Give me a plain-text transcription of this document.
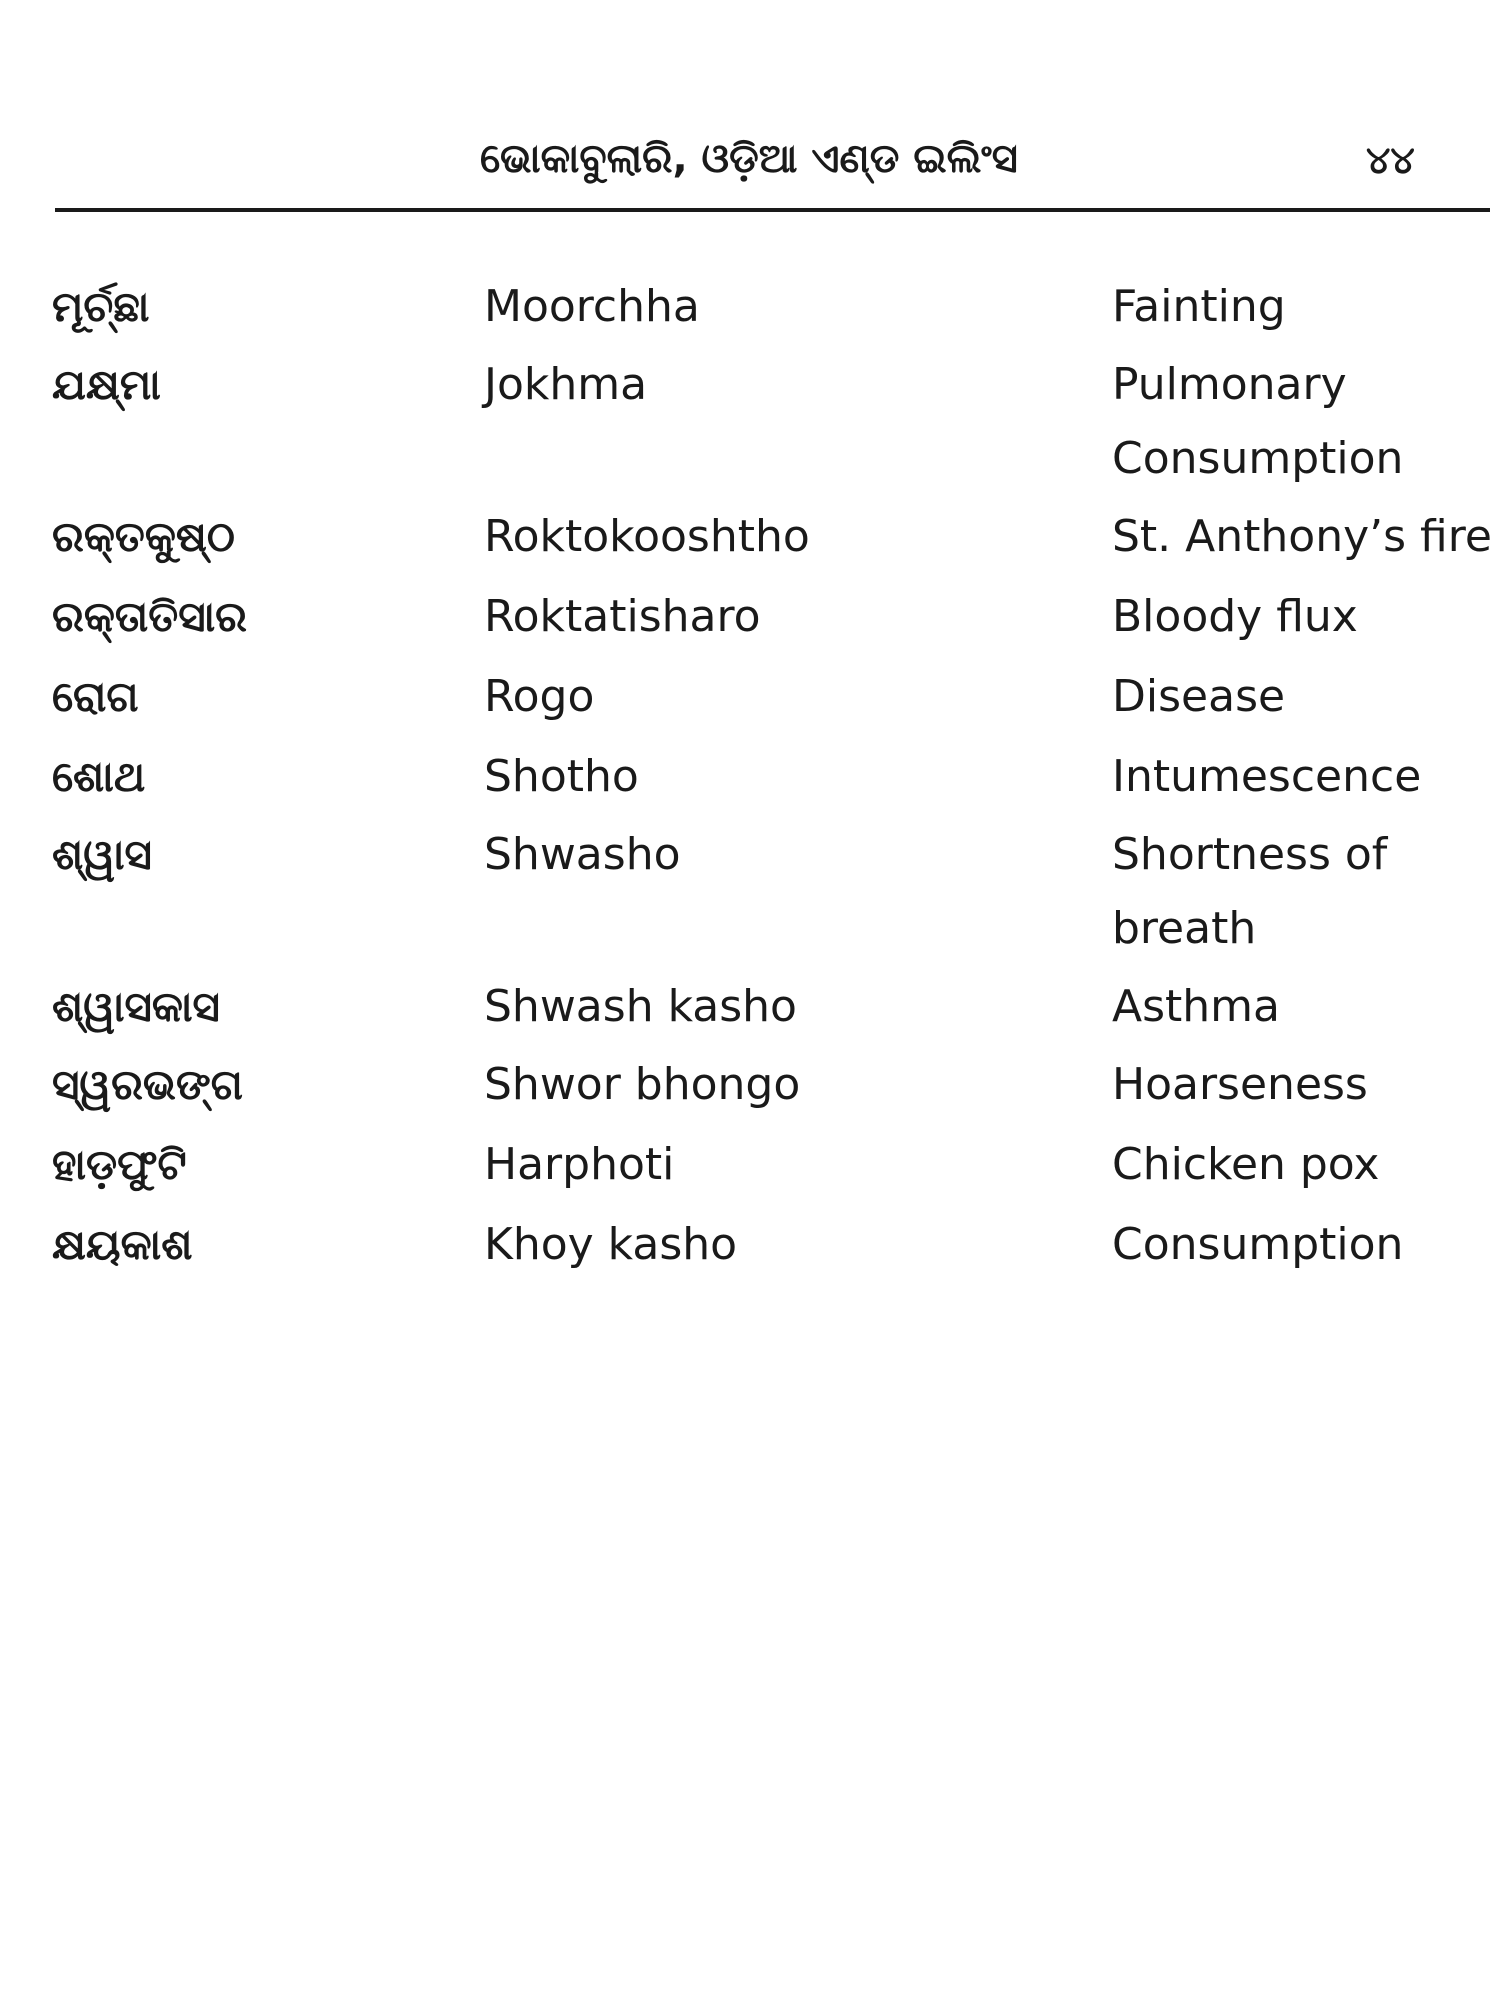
ଭୋକାବୁଲାରି, ଓଡ଼ିଆ ଏଣ୍ଡ ଇଲିଂସ	୪୪
ମୂର୍ଚ୍ଛା	Moorchha	Fainting
ଯକ୍ଷ୍ମା	Jokhma	Pulmonary Consumption
ରକ୍ତକୁଷ୍ଠ	Roktokooshtho	St. Anthony’s fire
ରକ୍ତାତିସାର	Roktatisharo	Bloody flux
ରୋଗ	Rogo	Disease
ଶୋଥ	Shotho	Intumescence
ଶ୍ୱାସ	Shwasho	Shortness of breath
ଶ୍ୱାସକାସ	Shwash kasho	Asthma
ସ୍ୱରଭଙ୍ଗ	Shwor bhongo	Hoarseness
ହାଡ଼ଫୁଟି	Harphoti	Chicken pox
କ୍ଷୟକାଶ	Khoy kasho	Consumption
